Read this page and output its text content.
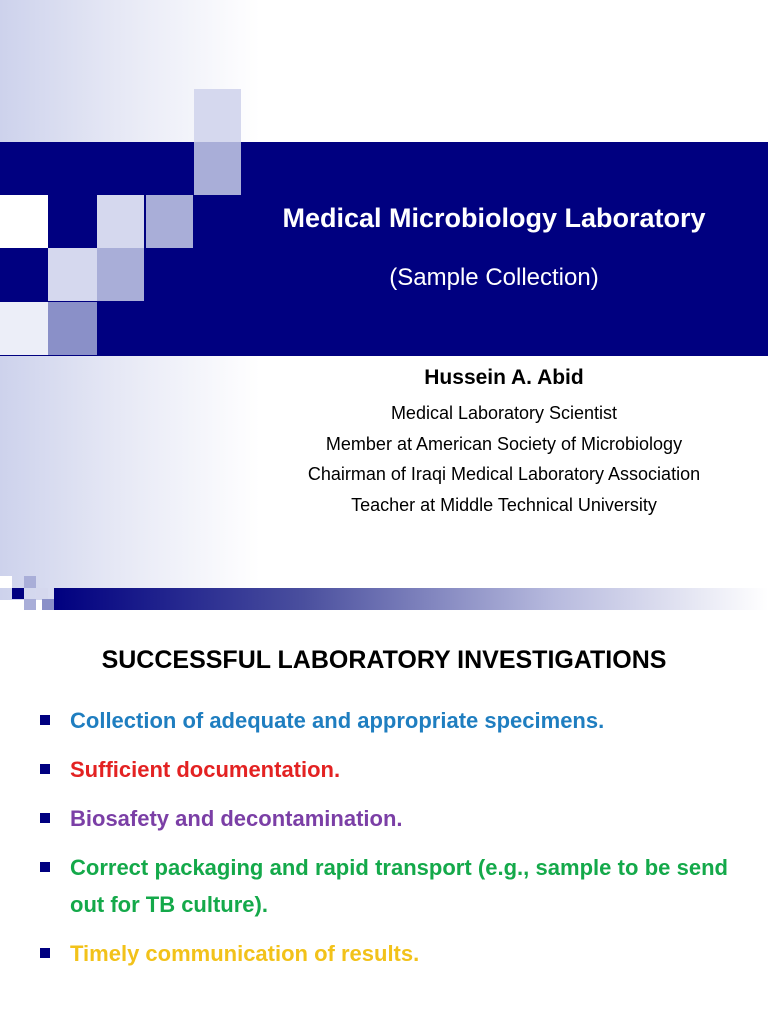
Medical Microbiology Laboratory
(Sample Collection)
Hussein A. Abid
Medical Laboratory Scientist
Member at American Society of Microbiology
Chairman of Iraqi Medical Laboratory Association
Teacher at Middle Technical University
SUCCESSFUL LABORATORY INVESTIGATIONS
Collection of adequate and appropriate specimens.
Sufficient documentation.
Biosafety and decontamination.
Correct packaging and rapid transport (e.g., sample to be send out for TB culture).
Timely communication of results.
